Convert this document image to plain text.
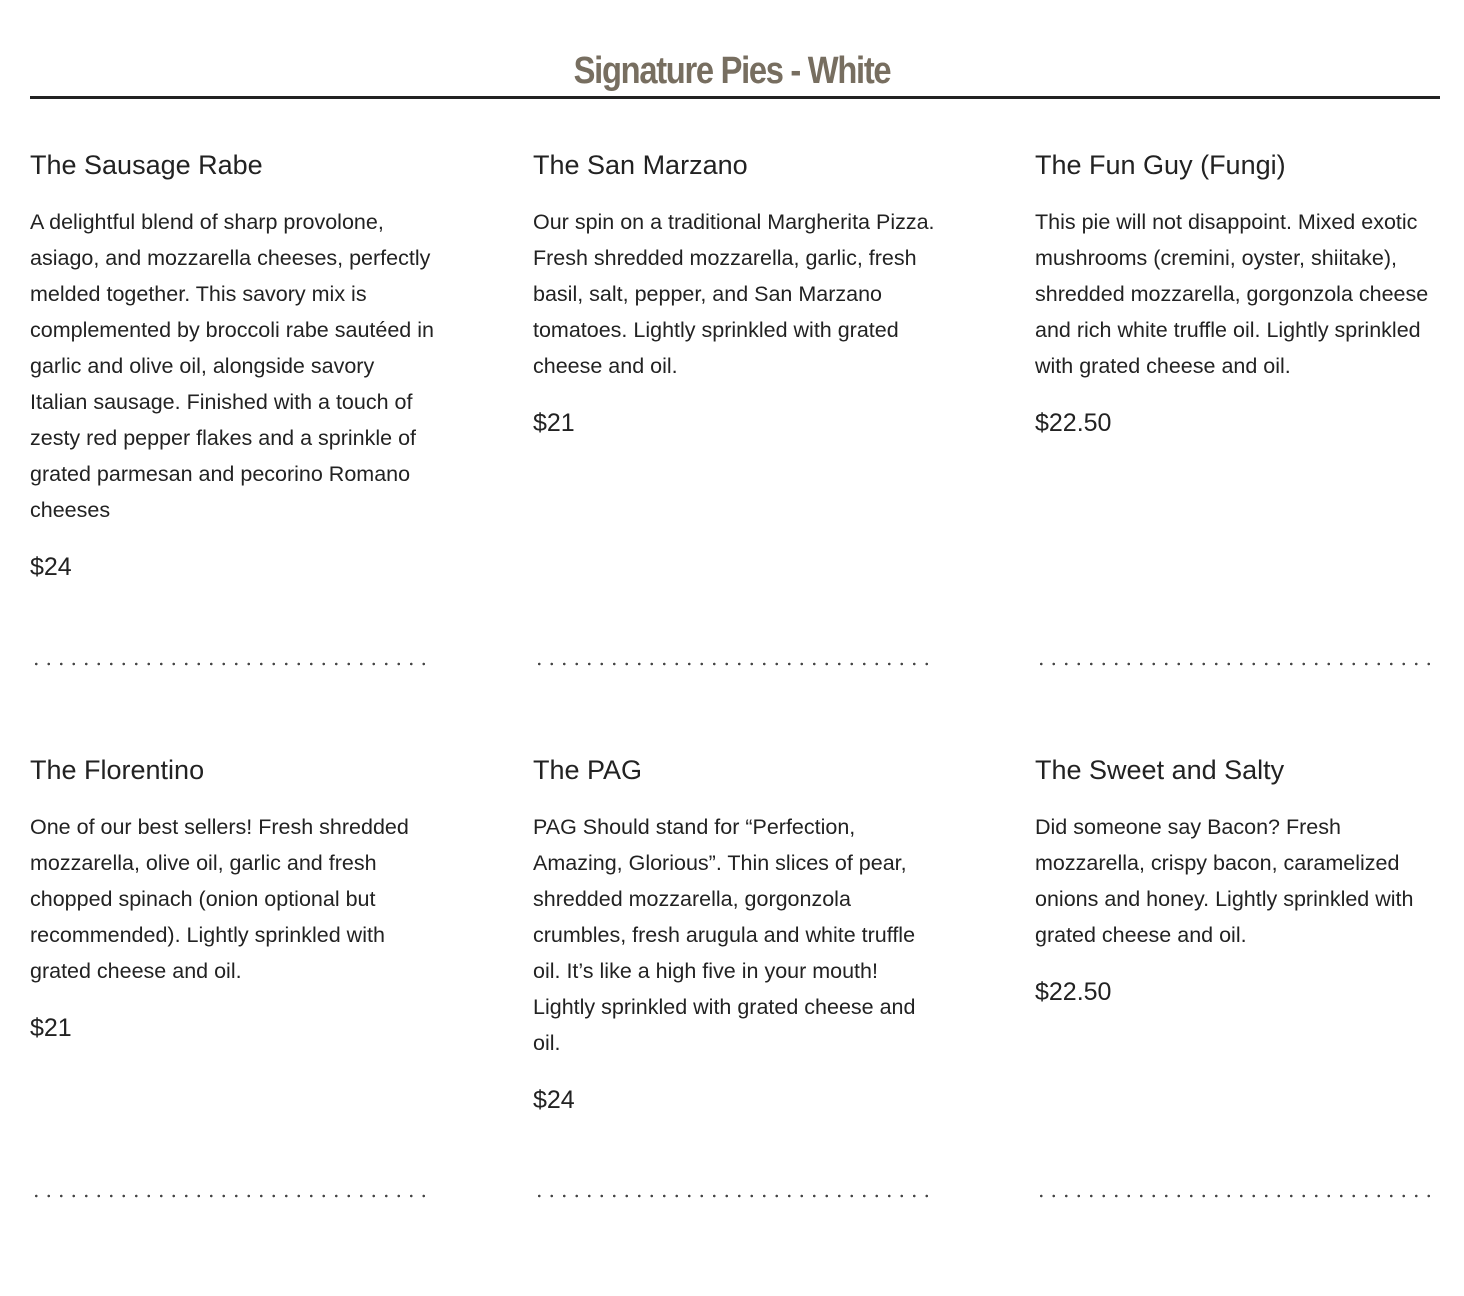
Signature Pies - White
The Sausage Rabe

A delightful blend of sharp provolone, asiago, and mozzarella cheeses, perfectly melded together. This savory mix is complemented by broccoli rabe sautéed in garlic and olive oil, alongside savory Italian sausage. Finished with a touch of zesty red pepper flakes and a sprinkle of grated parmesan and pecorino Romano cheeses

$24

The San Marzano

Our spin on a traditional Margherita Pizza. Fresh shredded mozzarella, garlic, fresh basil, salt, pepper, and San Marzano tomatoes. Lightly sprinkled with grated cheese and oil.

$21

The Fun Guy (Fungi)

This pie will not disappoint. Mixed exotic mushrooms (cremini, oyster, shiitake), shredded mozzarella, gorgonzola cheese and rich white truffle oil. Lightly sprinkled with grated cheese and oil.

$22.50

The Florentino

One of our best sellers! Fresh shredded mozzarella, olive oil, garlic and fresh chopped spinach (onion optional but recommended). Lightly sprinkled with grated cheese and oil.

$21

The PAG

PAG Should stand for “Perfection, Amazing, Glorious”. Thin slices of pear, shredded mozzarella, gorgonzola crumbles, fresh arugula and white truffle oil. It’s like a high five in your mouth! Lightly sprinkled with grated cheese and oil.

$24

The Sweet and Salty

Did someone say Bacon? Fresh mozzarella, crispy bacon, caramelized onions and honey. Lightly sprinkled with grated cheese and oil.

$22.50
